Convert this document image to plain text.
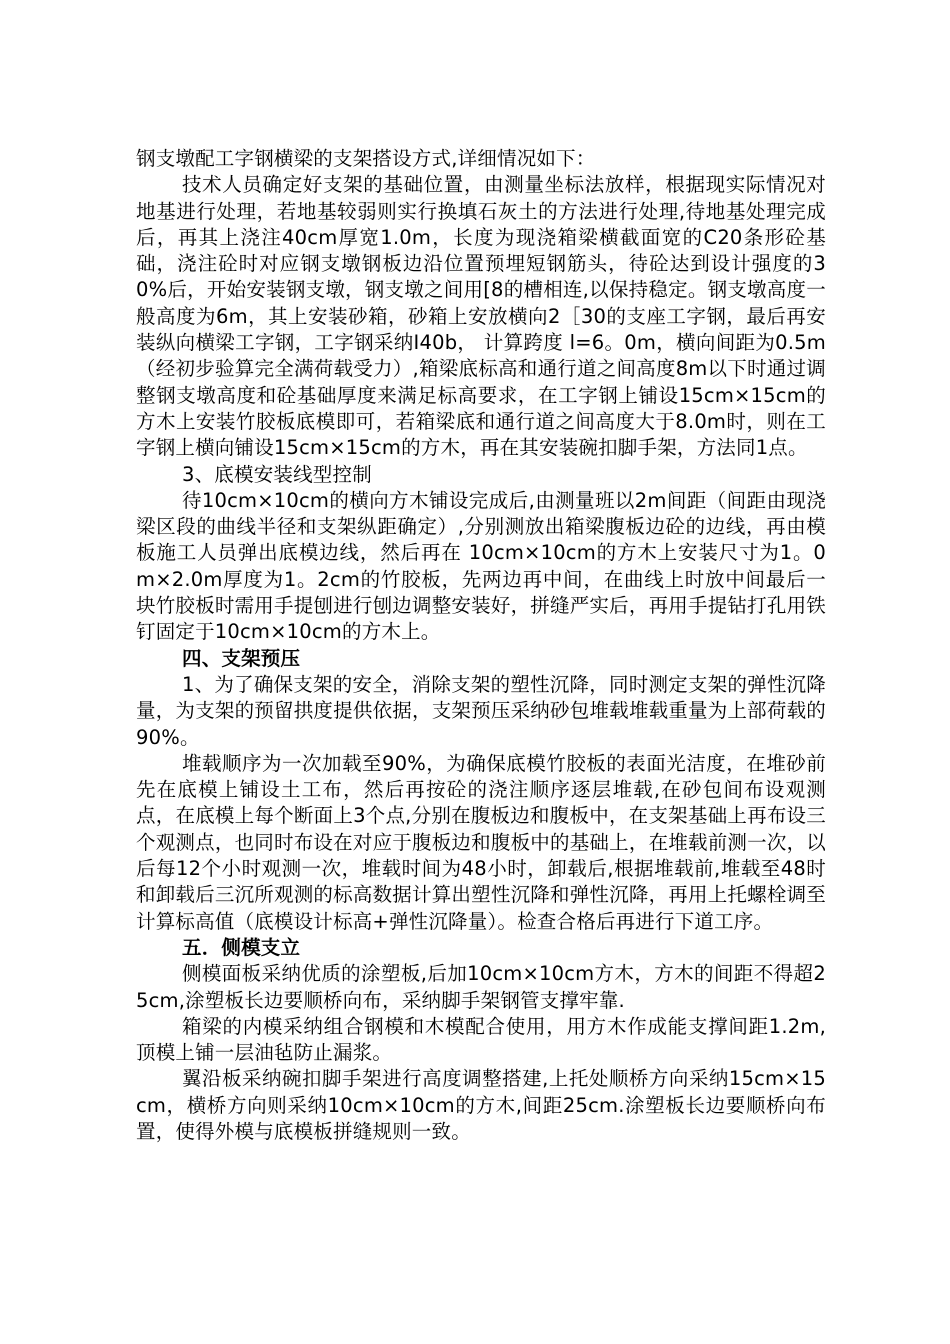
钢支墩配工字钢横梁的支架搭设方式,详细情况如下：

技术人员确定好支架的基础位置，由测量坐标法放样，根据现实际情况对地基进行处理，若地基较弱则实行换填石灰土的方法进行处理,待地基处理完成后，再其上浇注40cm厚宽1.0m，长度为现浇箱梁横截面宽的C20条形砼基础，浇注砼时对应钢支墩钢板边沿位置预埋短钢筋头，待砼达到设计强度的30%后，开始安装钢支墩，钢支墩之间用[8的槽相连,以保持稳定。钢支墩高度一般高度为6m，其上安装砂箱，砂箱上安放横向2［30的支座工字钢，最后再安装纵向横梁工字钢，工字钢采纳I40b， 计算跨度 l=6。0m，横向间距为0.5m（经初步验算完全满荷载受力）,箱梁底标高和通行道之间高度8m以下时通过调整钢支墩高度和砼基础厚度来满足标高要求，在工字钢上铺设15cm×15cm的方木上安装竹胶板底模即可，若箱梁底和通行道之间高度大于8.0m时，则在工字钢上横向铺设15cm×15cm的方木，再在其安装碗扣脚手架，方法同1点。

3、底模安装线型控制

待10cm×10cm的横向方木铺设完成后,由测量班以2m间距（间距由现浇梁区段的曲线半径和支架纵距确定）,分别测放出箱梁腹板边砼的边线，再由模板施工人员弹出底模边线，然后再在 10cm×10cm的方木上安装尺寸为1。0m×2.0m厚度为1。2cm的竹胶板，先两边再中间，在曲线上时放中间最后一块竹胶板时需用手提刨进行刨边调整安装好，拼缝严实后，再用手提钻打孔用铁钉固定于10cm×10cm的方木上。

四、支架预压

1、为了确保支架的安全，消除支架的塑性沉降，同时测定支架的弹性沉降量，为支架的预留拱度提供依据，支架预压采纳砂包堆载堆载重量为上部荷载的90%。

堆载顺序为一次加载至90%，为确保底模竹胶板的表面光洁度，在堆砂前先在底模上铺设土工布，然后再按砼的浇注顺序逐层堆载,在砂包间布设观测点，在底模上每个断面上3个点,分别在腹板边和腹板中，在支架基础上再布设三个观测点，也同时布设在对应于腹板边和腹板中的基础上，在堆载前测一次，以后每12个小时观测一次，堆载时间为48小时，卸载后,根据堆载前,堆载至48时和卸载后三沉所观测的标高数据计算出塑性沉降和弹性沉降，再用上托螺栓调至计算标高值（底模设计标高+弹性沉降量）。检查合格后再进行下道工序。

五．侧模支立

侧模面板采纳优质的涂塑板,后加10cm×10cm方木，方木的间距不得超25cm,涂塑板长边要顺桥向布，采纳脚手架钢管支撑牢靠.

箱梁的内模采纳组合钢模和木模配合使用，用方木作成能支撑间距1.2m,顶模上铺一层油毡防止漏浆。

翼沿板采纳碗扣脚手架进行高度调整搭建,上托处顺桥方向采纳15cm×15cm，横桥方向则采纳10cm×10cm的方木,间距25cm.涂塑板长边要顺桥向布置，使得外模与底模板拼缝规则一致。
